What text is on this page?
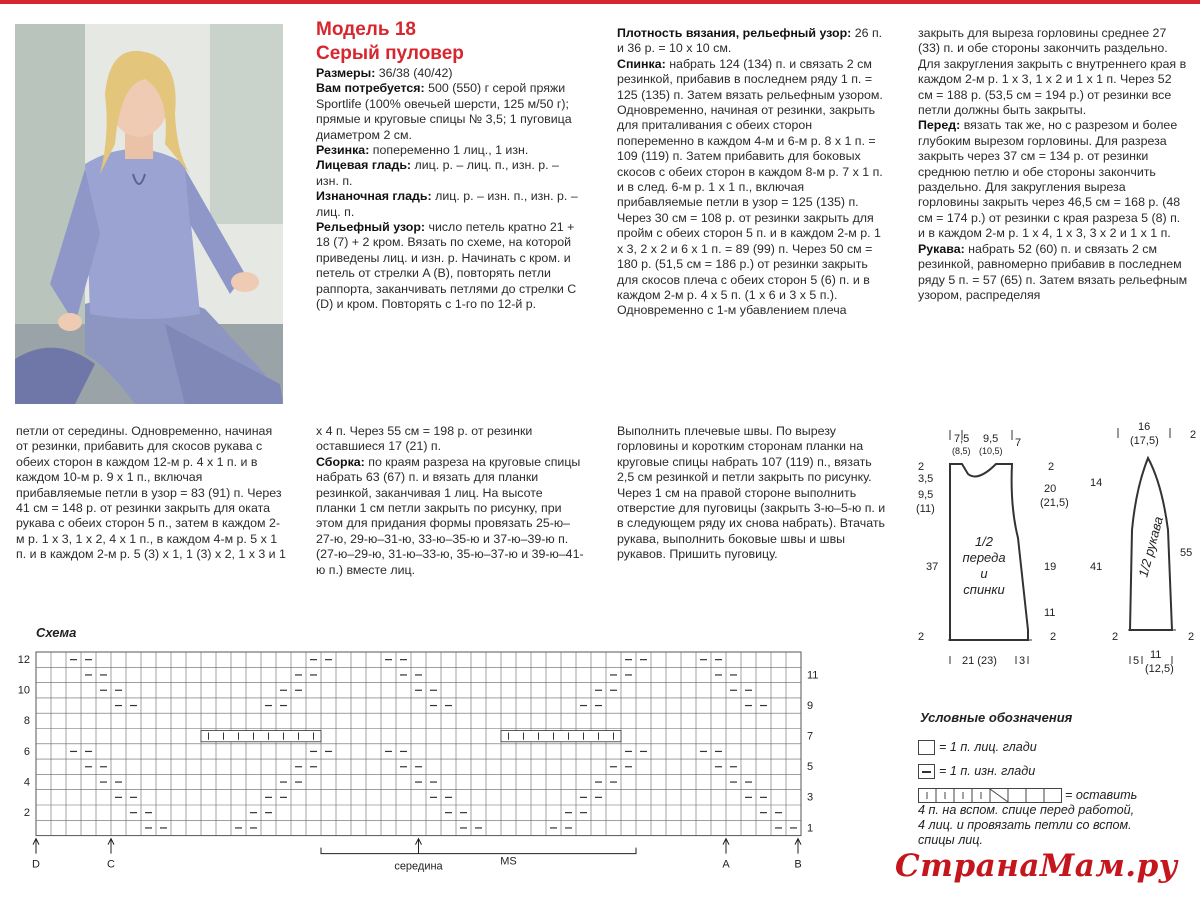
Модель 18
Серый пуловер

Размеры: 36/38 (40/42)

Вам потребуется: 500 (550) г серой пряжи Sportlife (100% овечьей шерсти, 125 м/50 г); прямые и круговые спицы № 3,5; 1 пуговица диаметром 2 см.

Резинка: попеременно 1 лиц., 1 изн.

Лицевая гладь: лиц. р. – лиц. п., изн. р. – изн. п.

Изнаночная гладь: лиц. р. – изн. п., изн. р. – лиц. п.

Рельефный узор: число петель кратно 21 + 18 (7) + 2 кром. Вязать по схеме, на которой приведены лиц. и изн. р. Начинать с кром. и петель от стрелки A (B), повторять петли раппорта, заканчивать петлями до стрелки C (D) и кром. Повторять с 1-го по 12-й р.

Плотность вязания, рельефный узор: 26 п. и 36 р. = 10 х 10 см.

Спинка: набрать 124 (134) п. и связать 2 см резинкой, прибавив в последнем ряду 1 п. = 125 (135) п. Затем вязать рельефным узором. Одновременно, начиная от резинки, закрыть для приталивания с обеих сторон попеременно в каждом 4-м и 6-м р. 8 х 1 п. = 109 (119) п. Затем прибавить для боковых скосов с обеих сторон в каждом 8-м р. 7 х 1 п. и в след. 6-м р. 1 х 1 п., включая прибавляемые петли в узор = 125 (135) п. Через 30 см = 108 р. от резинки закрыть для пройм с обеих сторон 5 п. и в каждом 2-м р. 1 х 3, 2 х 2 и 6 х 1 п. = 89 (99) п. Через 50 см = 180 р. (51,5 см = 186 р.) от резинки закрыть для скосов плеча с обеих сторон 5 (6) п. и в каждом 2-м р. 4 х 5 п. (1 х 6 и 3 х 5 п.). Одновременно с 1-м убавлением плеча

закрыть для выреза горловины среднее 27 (33) п. и обе стороны закончить раздельно. Для закругления закрыть с внутреннего края в каждом 2-м р. 1 х 3, 1 х 2 и 1 х 1 п. Через 52 см = 188 р. (53,5 см = 194 р.) от резинки все петли должны быть закрыты.

Перед: вязать так же, но с разрезом и более глубоким вырезом горловины. Для разреза закрыть через 37 см = 134 р. от резинки среднюю петлю и обе стороны закончить раздельно. Для закругления выреза горловины закрыть через 46,5 см = 168 р. (48 см = 174 р.) от резинки с края разреза 5 (8) п. и в каждом 2-м р. 1 х 4, 1 х 3, 3 х 2 и 1 х 1 п.

Рукава: набрать 52 (60) п. и связать 2 см резинкой, равномерно прибавив в последнем ряду 5 п. = 57 (65) п. Затем вязать рельефным узором, распределяя

петли от середины. Одновременно, начиная от резинки, прибавить для скосов рукава с обеих сторон в каждом 12-м р. 4 х 1 п. и в каждом 10-м р. 9 х 1 п., включая прибавляемые петли в узор = 83 (91) п. Через 41 см = 148 р. от резинки закрыть для оката рукава с обеих сторон 5 п., затем в каждом 2-м р. 1 х 3, 1 х 2, 4 х 1 п., в каждом 4-м р. 5 х 1 п. и в каждом 2-м р. 5 (3) х 1, 1 (3) х 2, 1 х 3 и 1

х 4 п. Через 55 см = 198 р. от резинки оставшиеся 17 (21) п.

Сборка: по краям разреза на круговые спицы набрать 63 (67) п. и вязать для планки резинкой, заканчивая 1 лиц. На высоте планки 1 см петли закрыть по рисунку, при этом для придания формы провязать 25-ю–27-ю, 29-ю–31-ю, 33-ю–35-ю и 37-ю–39-ю п. (27-ю–29-ю, 31-ю–33-ю, 35-ю–37-ю и 39-ю–41-ю п.) вместе лиц.

Выполнить плечевые швы. По вырезу горловины и коротким сторонам планки на круговые спицы набрать 107 (119) п., вязать 2,5 см резинкой и петли закрыть по рисунку. Через 1 см на правой стороне выполнить отверстие для пуговицы (закрыть 3-ю–5-ю п. и в следующем ряду их снова набрать). Втачать рукава, выполнить боковые швы и швы рукавов. Пришить пуговицу.

Схема
12
10
8
6
4
2
11
9
7
5
3
1
D	C	A	B
середина	MS
7,5
(8,5)
9,5
(10,5)
7
2
3,5
9,5
(11)
2
20
(21,5)
19
11
2
37
2
21 (23) 3
16
(17,5)
14
41
55
2
2	2
5 11
(12,5)
1/2
переда
и
спинки
1/2 рукава
Условные обозначения
= 1 п. лиц. глади
= 1 п. изн. глади
= оставить
4 п. на вспом. спице перед работой,
4 лиц. и провязать петли со вспом.
спицы лиц.
СтранаМам.ру
